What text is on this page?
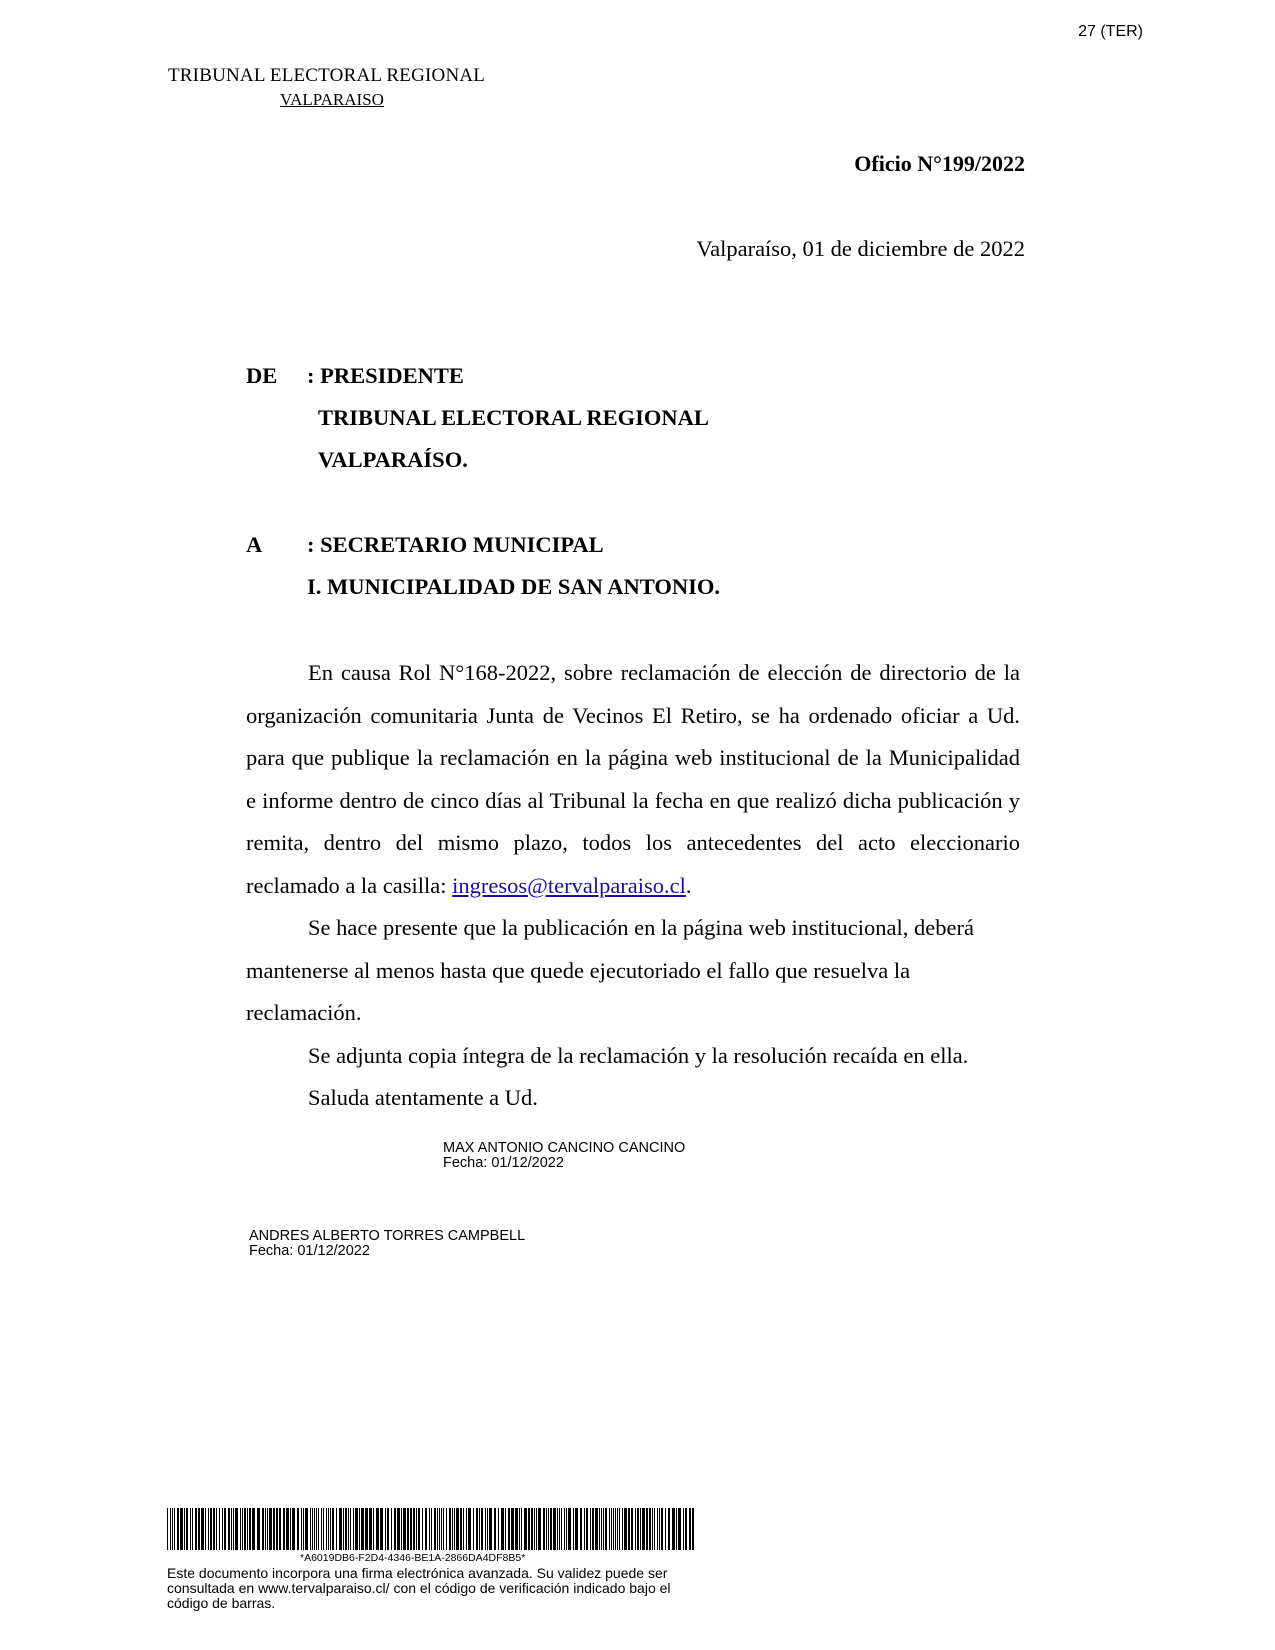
27 (TER)
TRIBUNAL ELECTORAL REGIONAL
VALPARAISO
Oficio N°199/2022
Valparaíso, 01 de diciembre de 2022
DE : PRESIDENTE
TRIBUNAL ELECTORAL REGIONAL
VALPARAÍSO.
A : SECRETARIO MUNICIPAL
I. MUNICIPALIDAD DE SAN ANTONIO.

En causa Rol N°168-2022, sobre reclamación de elección de directorio de la organización comunitaria Junta de Vecinos El Retiro, se ha ordenado oficiar a Ud. para que publique la reclamación en la página web institucional de la Municipalidad e informe dentro de cinco días al Tribunal la fecha en que realizó dicha publicación y remita, dentro del mismo plazo, todos los antecedentes del acto eleccionario reclamado a la casilla: ingresos@tervalparaiso.cl.

Se hace presente que la publicación en la página web institucional, deberá mantenerse al menos hasta que quede ejecutoriado el fallo que resuelva la reclamación.

Se adjunta copia íntegra de la reclamación y la resolución recaída en ella.

Saluda atentamente a Ud.

MAX ANTONIO CANCINO CANCINO
Fecha: 01/12/2022
ANDRES ALBERTO TORRES CAMPBELL
Fecha: 01/12/2022
*A6019DB6-F2D4-4346-BE1A-2866DA4DF8B5*
Este documento incorpora una firma electrónica avanzada. Su validez puede ser consultada en www.tervalparaiso.cl/ con el código de verificación indicado bajo el código de barras.
